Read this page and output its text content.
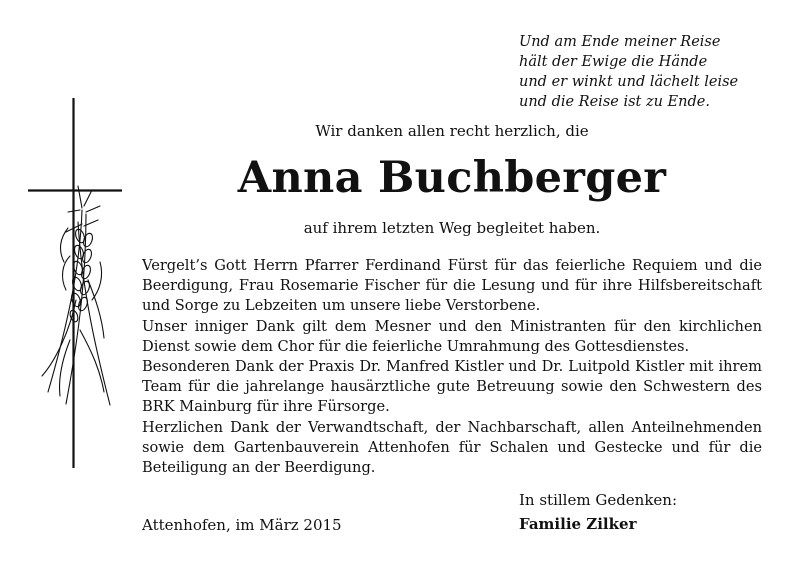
Und am Ende meiner Reise
hält der Ewige die Hände
und er winkt und lächelt leise
und die Reise ist zu Ende.
Wir danken allen recht herzlich, die
Anna Buchberger
auf ihrem letzten Weg begleitet haben.

Vergelt’s Gott Herrn Pfarrer Ferdinand Fürst für das feierliche Requiem und die Beerdigung, Frau Rosemarie Fischer für die Lesung und für ihre Hilfsbereitschaft und Sorge zu Lebzeiten um unsere liebe Verstorbene.

Unser inniger Dank gilt dem Mesner und den Ministranten für den kirchlichen Dienst sowie dem Chor für die feierliche Umrahmung des Gottesdienstes.

Besonderen Dank der Praxis Dr. Manfred Kistler und Dr. Luitpold Kistler mit ihrem Team für die jahrelange hausärztliche gute Betreuung sowie den Schwestern des BRK Mainburg für ihre Fürsorge.

Herzlichen Dank der Verwandtschaft, der Nachbarschaft, allen Anteilnehmenden sowie dem Gartenbauverein Attenhofen für Schalen und Gestecke und für die Beteiligung an der Beerdigung.

Attenhofen, im März 2015
In stillem Gedenken:
Familie Zilker
